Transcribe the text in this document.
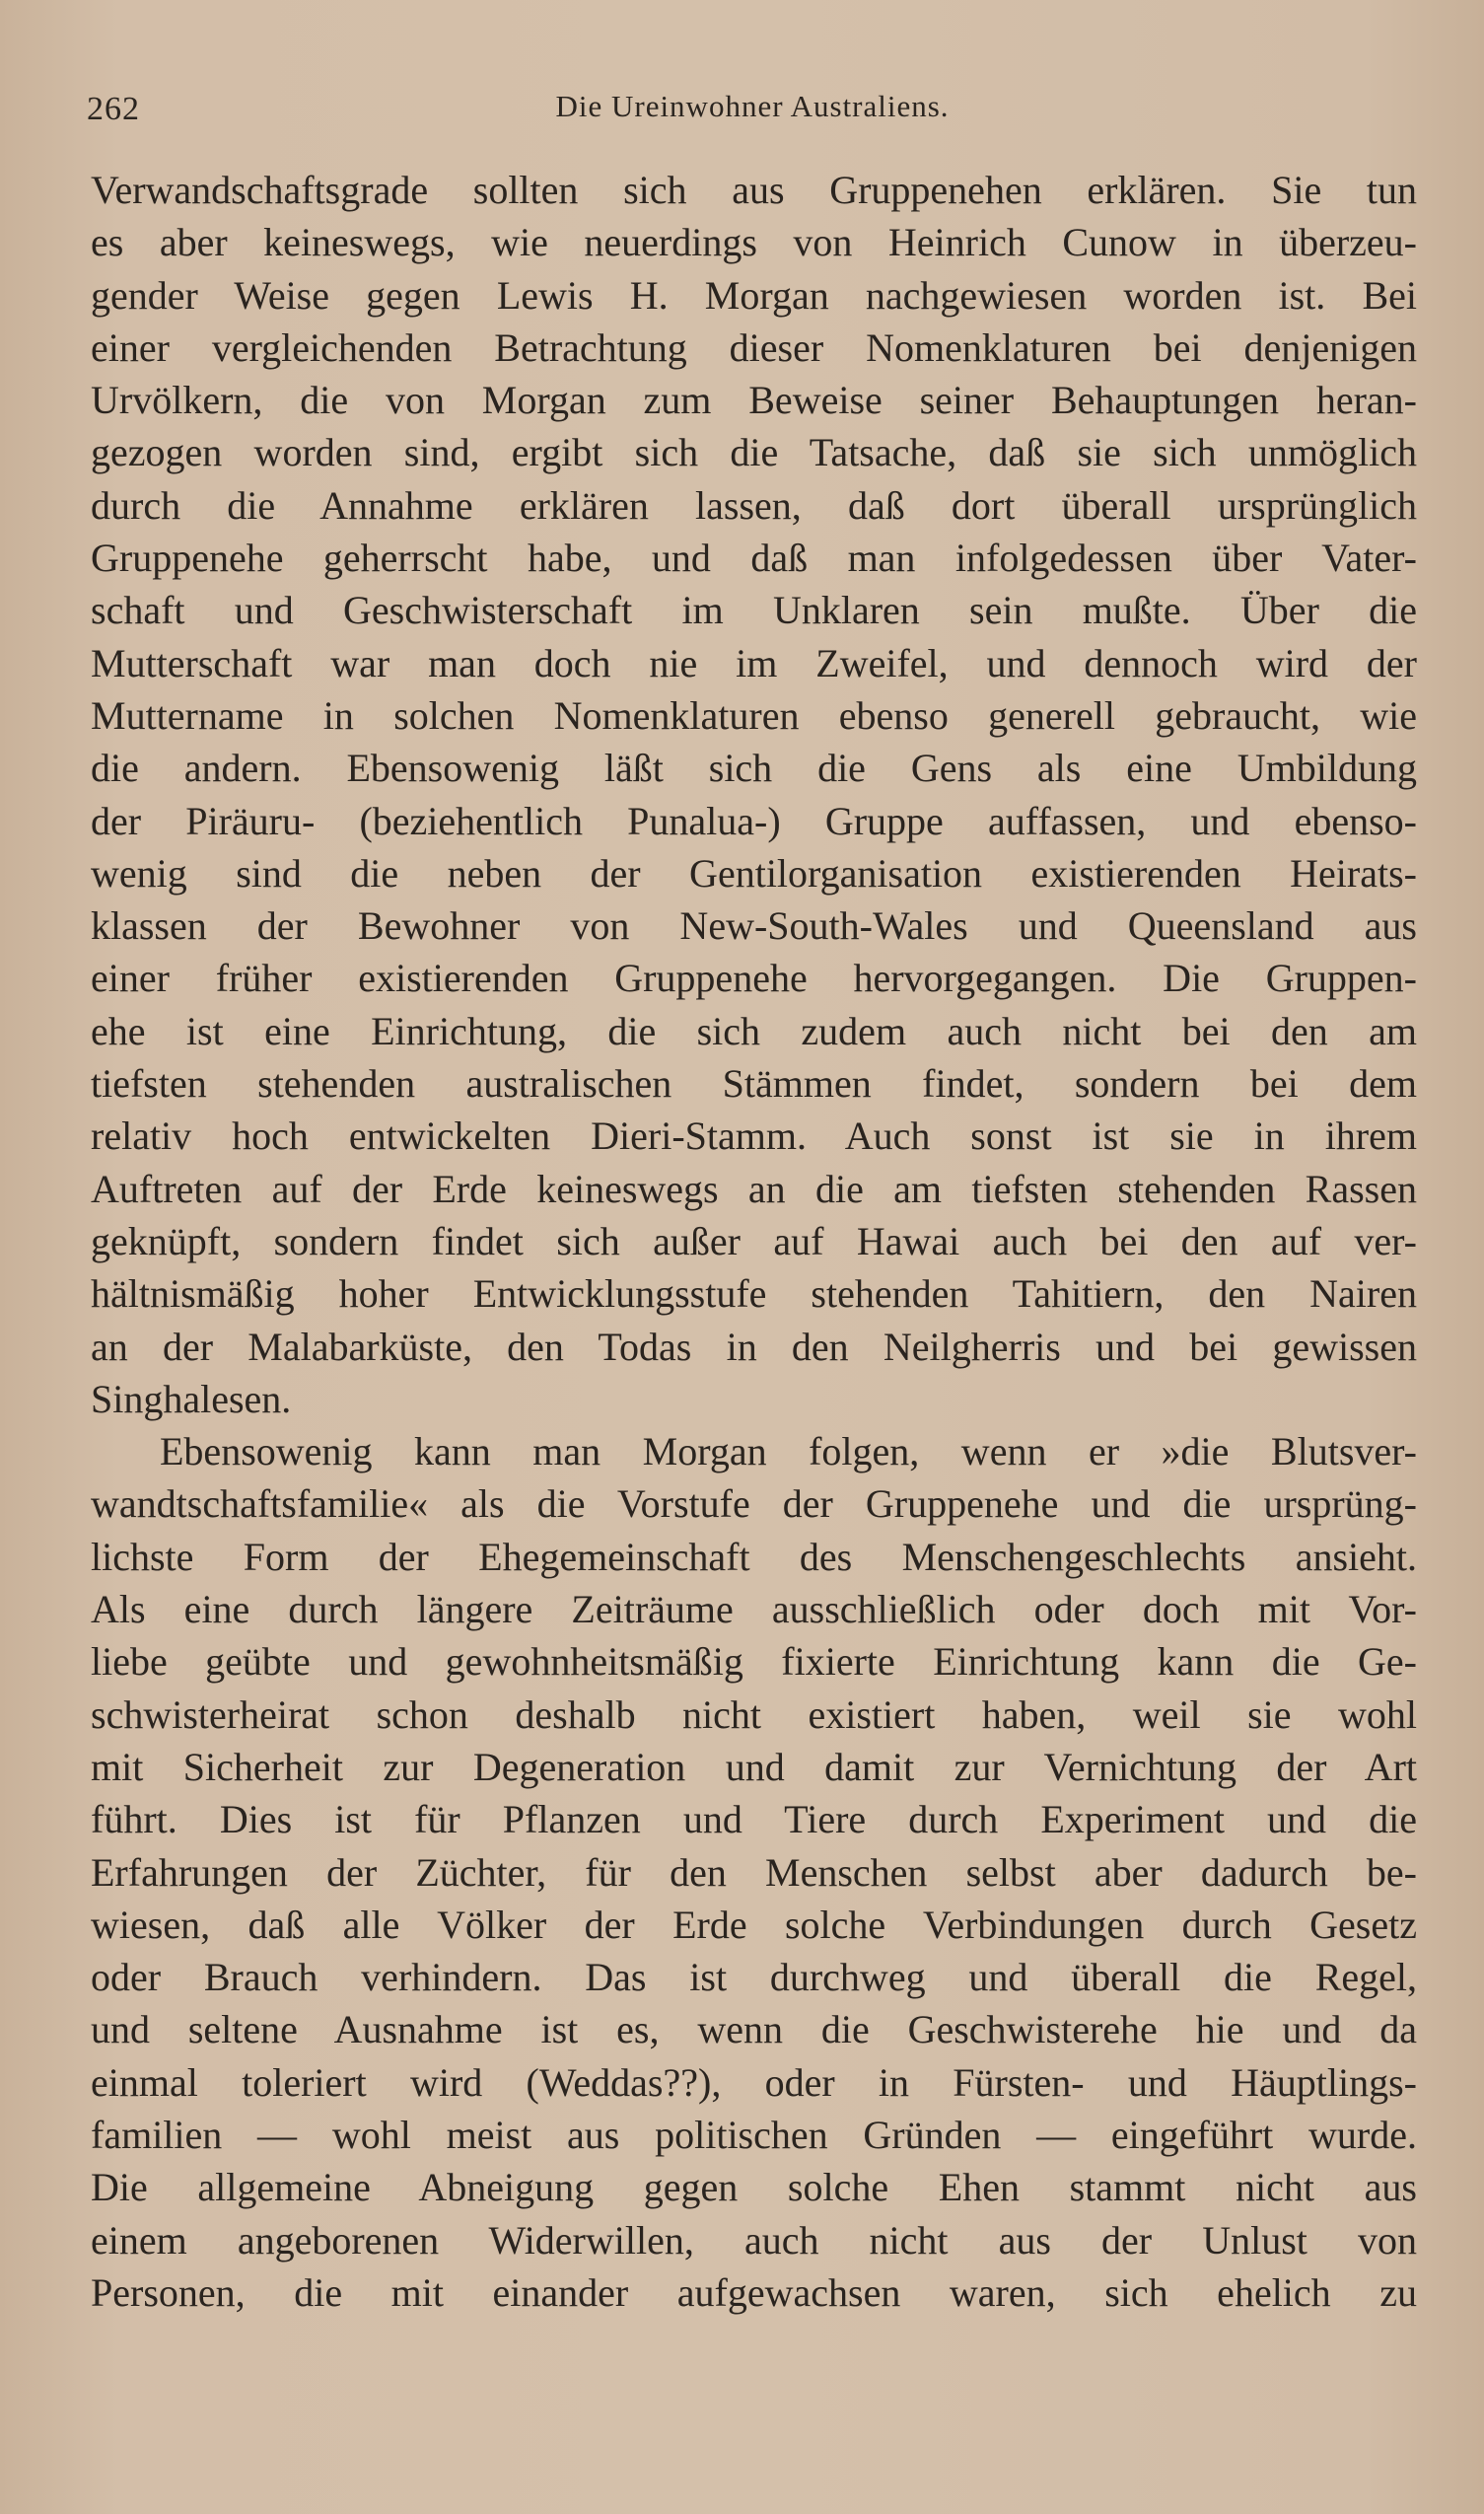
262	Die Ureinwohner Australiens.
Verwandschaftsgrade sollten sich aus Gruppenehen erklären. Sie tun
es aber keineswegs, wie neuerdings von Heinrich Cunow in überzeu-
gender Weise gegen Lewis H. Morgan nachgewiesen worden ist. Bei
einer vergleichenden Betrachtung dieser Nomenklaturen bei denjenigen
Urvölkern, die von Morgan zum Beweise seiner Behauptungen heran-
gezogen worden sind, ergibt sich die Tatsache, daß sie sich unmöglich
durch die Annahme erklären lassen, daß dort überall ursprünglich
Gruppenehe geherrscht habe, und daß man infolgedessen über Vater-
schaft und Geschwisterschaft im Unklaren sein mußte. Über die
Mutterschaft war man doch nie im Zweifel, und dennoch wird der
Muttername in solchen Nomenklaturen ebenso generell gebraucht, wie
die andern. Ebensowenig läßt sich die Gens als eine Umbildung
der Piräuru- (beziehentlich Punalua-) Gruppe auffassen, und ebenso-
wenig sind die neben der Gentilorganisation existierenden Heirats-
klassen der Bewohner von New-South-Wales und Queensland aus
einer früher existierenden Gruppenehe hervorgegangen. Die Gruppen-
ehe ist eine Einrichtung, die sich zudem auch nicht bei den am
tiefsten stehenden australischen Stämmen findet, sondern bei dem
relativ hoch entwickelten Dieri-Stamm. Auch sonst ist sie in ihrem
Auftreten auf der Erde keineswegs an die am tiefsten stehenden Rassen
geknüpft, sondern findet sich außer auf Hawai auch bei den auf ver-
hältnismäßig hoher Entwicklungsstufe stehenden Tahitiern, den Nairen
an der Malabarküste, den Todas in den Neilgherris und bei gewissen
Singhalesen.
Ebensowenig kann man Morgan folgen, wenn er »die Blutsver-
wandtschaftsfamilie« als die Vorstufe der Gruppenehe und die ursprüng-
lichste Form der Ehegemeinschaft des Menschengeschlechts ansieht.
Als eine durch längere Zeiträume ausschließlich oder doch mit Vor-
liebe geübte und gewohnheitsmäßig fixierte Einrichtung kann die Ge-
schwisterheirat schon deshalb nicht existiert haben, weil sie wohl
mit Sicherheit zur Degeneration und damit zur Vernichtung der Art
führt. Dies ist für Pflanzen und Tiere durch Experiment und die
Erfahrungen der Züchter, für den Menschen selbst aber dadurch be-
wiesen, daß alle Völker der Erde solche Verbindungen durch Gesetz
oder Brauch verhindern. Das ist durchweg und überall die Regel,
und seltene Ausnahme ist es, wenn die Geschwisterehe hie und da
einmal toleriert wird (Weddas??), oder in Fürsten- und Häuptlings-
familien — wohl meist aus politischen Gründen — eingeführt wurde.
Die allgemeine Abneigung gegen solche Ehen stammt nicht aus
einem angeborenen Widerwillen, auch nicht aus der Unlust von
Personen, die mit einander aufgewachsen waren, sich ehelich zu
